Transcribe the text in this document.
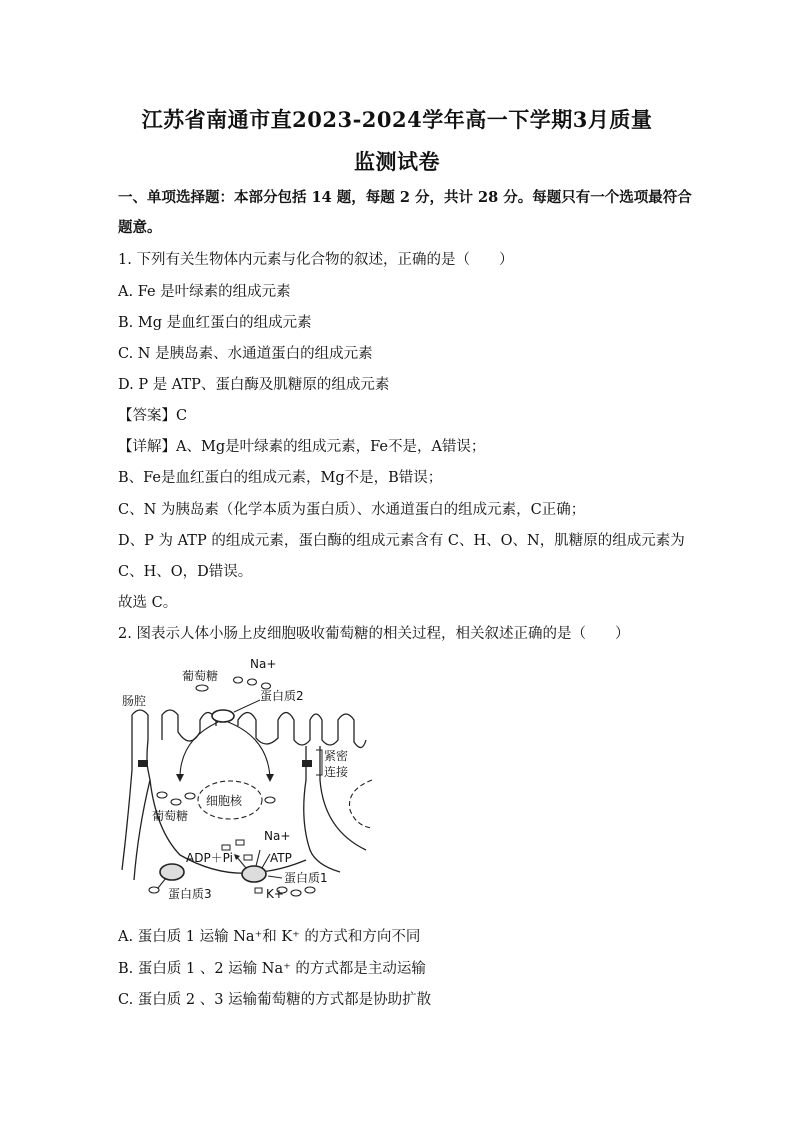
江苏省南通市直2023-2024学年高一下学期3月质量
监测试卷
一、单项选择题：本部分包括 14 题，每题 2 分，共计 28 分。每题只有一个选项最符合
题意。
1. 下列有关生物体内元素与化合物的叙述，正确的是（　　）
A. Fe 是叶绿素的组成元素
B. Mg 是血红蛋白的组成元素
C. N 是胰岛素、水通道蛋白的组成元素
D. P 是 ATP、蛋白酶及肌糖原的组成元素
【答案】C
【详解】A、Mg是叶绿素的组成元素，Fe不是，A错误；
B、Fe是血红蛋白的组成元素，Mg不是，B错误；
C、N 为胰岛素（化学本质为蛋白质）、水通道蛋白的组成元素，C正确；
D、P 为 ATP 的组成元素，蛋白酶的组成元素含有 C、H、O、N，肌糖原的组成元素为
C、H、O，D错误。
故选 C。
2. 图表示人体小肠上皮细胞吸收葡萄糖的相关过程，相关叙述正确的是（　　）
肠腔
葡萄糖
Na+
蛋白质2
紧密
连接
细胞核
葡萄糖
Na+
ADP＋Pi	ATP
蛋白质1
蛋白质3	K+
A. 蛋白质 1 运输 Na⁺和 K⁺ 的方式和方向不同
B. 蛋白质 1 、2 运输 Na⁺ 的方式都是主动运输
C. 蛋白质 2 、3 运输葡萄糖的方式都是协助扩散
